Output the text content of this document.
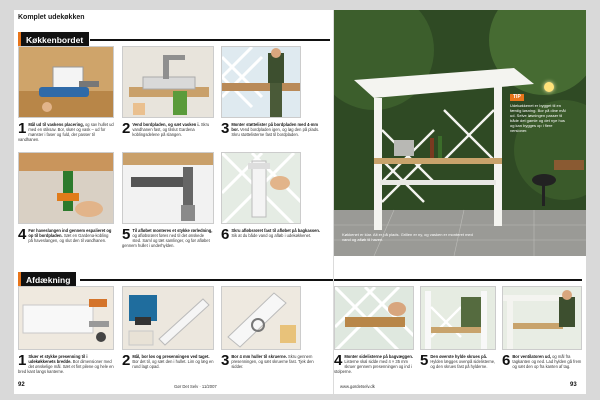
Komplet udekøkken
Køkkenbordet
1 Mål ud til vaskens placering, og sav hullet ud med en stiksav. Bor, skær og vask – ud for mønster i faser og fuld, der passer til vandhanen.
2 Vend bordpladen, og sæt vasken i. Skru vandhanen fast, og tilslut Gardena koblingsdelene på slangen.	3 Monter støttelister på bordpladen med 4-mm bor. Vend bordpladen igen, og løg den på plads. Skru støttelisterne fast til bordpladen.
4 Før haveslangen ind gennem espalieret og op til bordpladen. Sæt en Gardena-kobling på haveslangen, og slut den til vandhanen.	5 Til afløbet monteres et stykke rørledning, og afløbsrøret føres ned til det ønskede sted. Saml og tæt samlinger, og før afløbet gennem hullet i underhylden.
6 Skru afløbsrøret fast til afløbet på bagkassen. Sik at du både vand og afløb i udekøkkenet.
Afdækning
1 Skær et stykke presenning til i udekøkkenets bredde. Bor dimensioner med det ønskelige mål. Sæt et fint pilene og hele en bred kant langs kanterne.
2 Mål, bor løs og presenningen ved taget. Bor det til, og sæt den i hullet. Lim og læg en rund lagt opad.	3 Bor 4 mm huller til skruerne. Skru gennem presenningen, og sæt skruerne fast. Tjek den sidder.
92	Gør Det Selv · 11/2007
TIP
Udekøkkenet er bygget til en færdig løsning. Bor på dine mål ud. Selve løsningen passer til både det gamle og det nye hus og kan bygges op i flere versioner.
Køkkenet er klar. Alt er på plads. Grillen er ny, og vasken er monteret med vand og afløb til haven.
4 Monter sidelisterne på bagvæggen. Listerne skal sidde med 4 × 35 mm skruer gennem presenningen og ind i stolperne.
5 Den øverste hylde skrues på. Hylden lægges ovenpå sidelisterne, og den skrues fast på hylderne. 6 Bor ventilatoren ud, og mål fra tagkanten og ned. Lad hylden gå frem og sæt den op fra kanten af tag.
www.gørdetselv.dk	93
